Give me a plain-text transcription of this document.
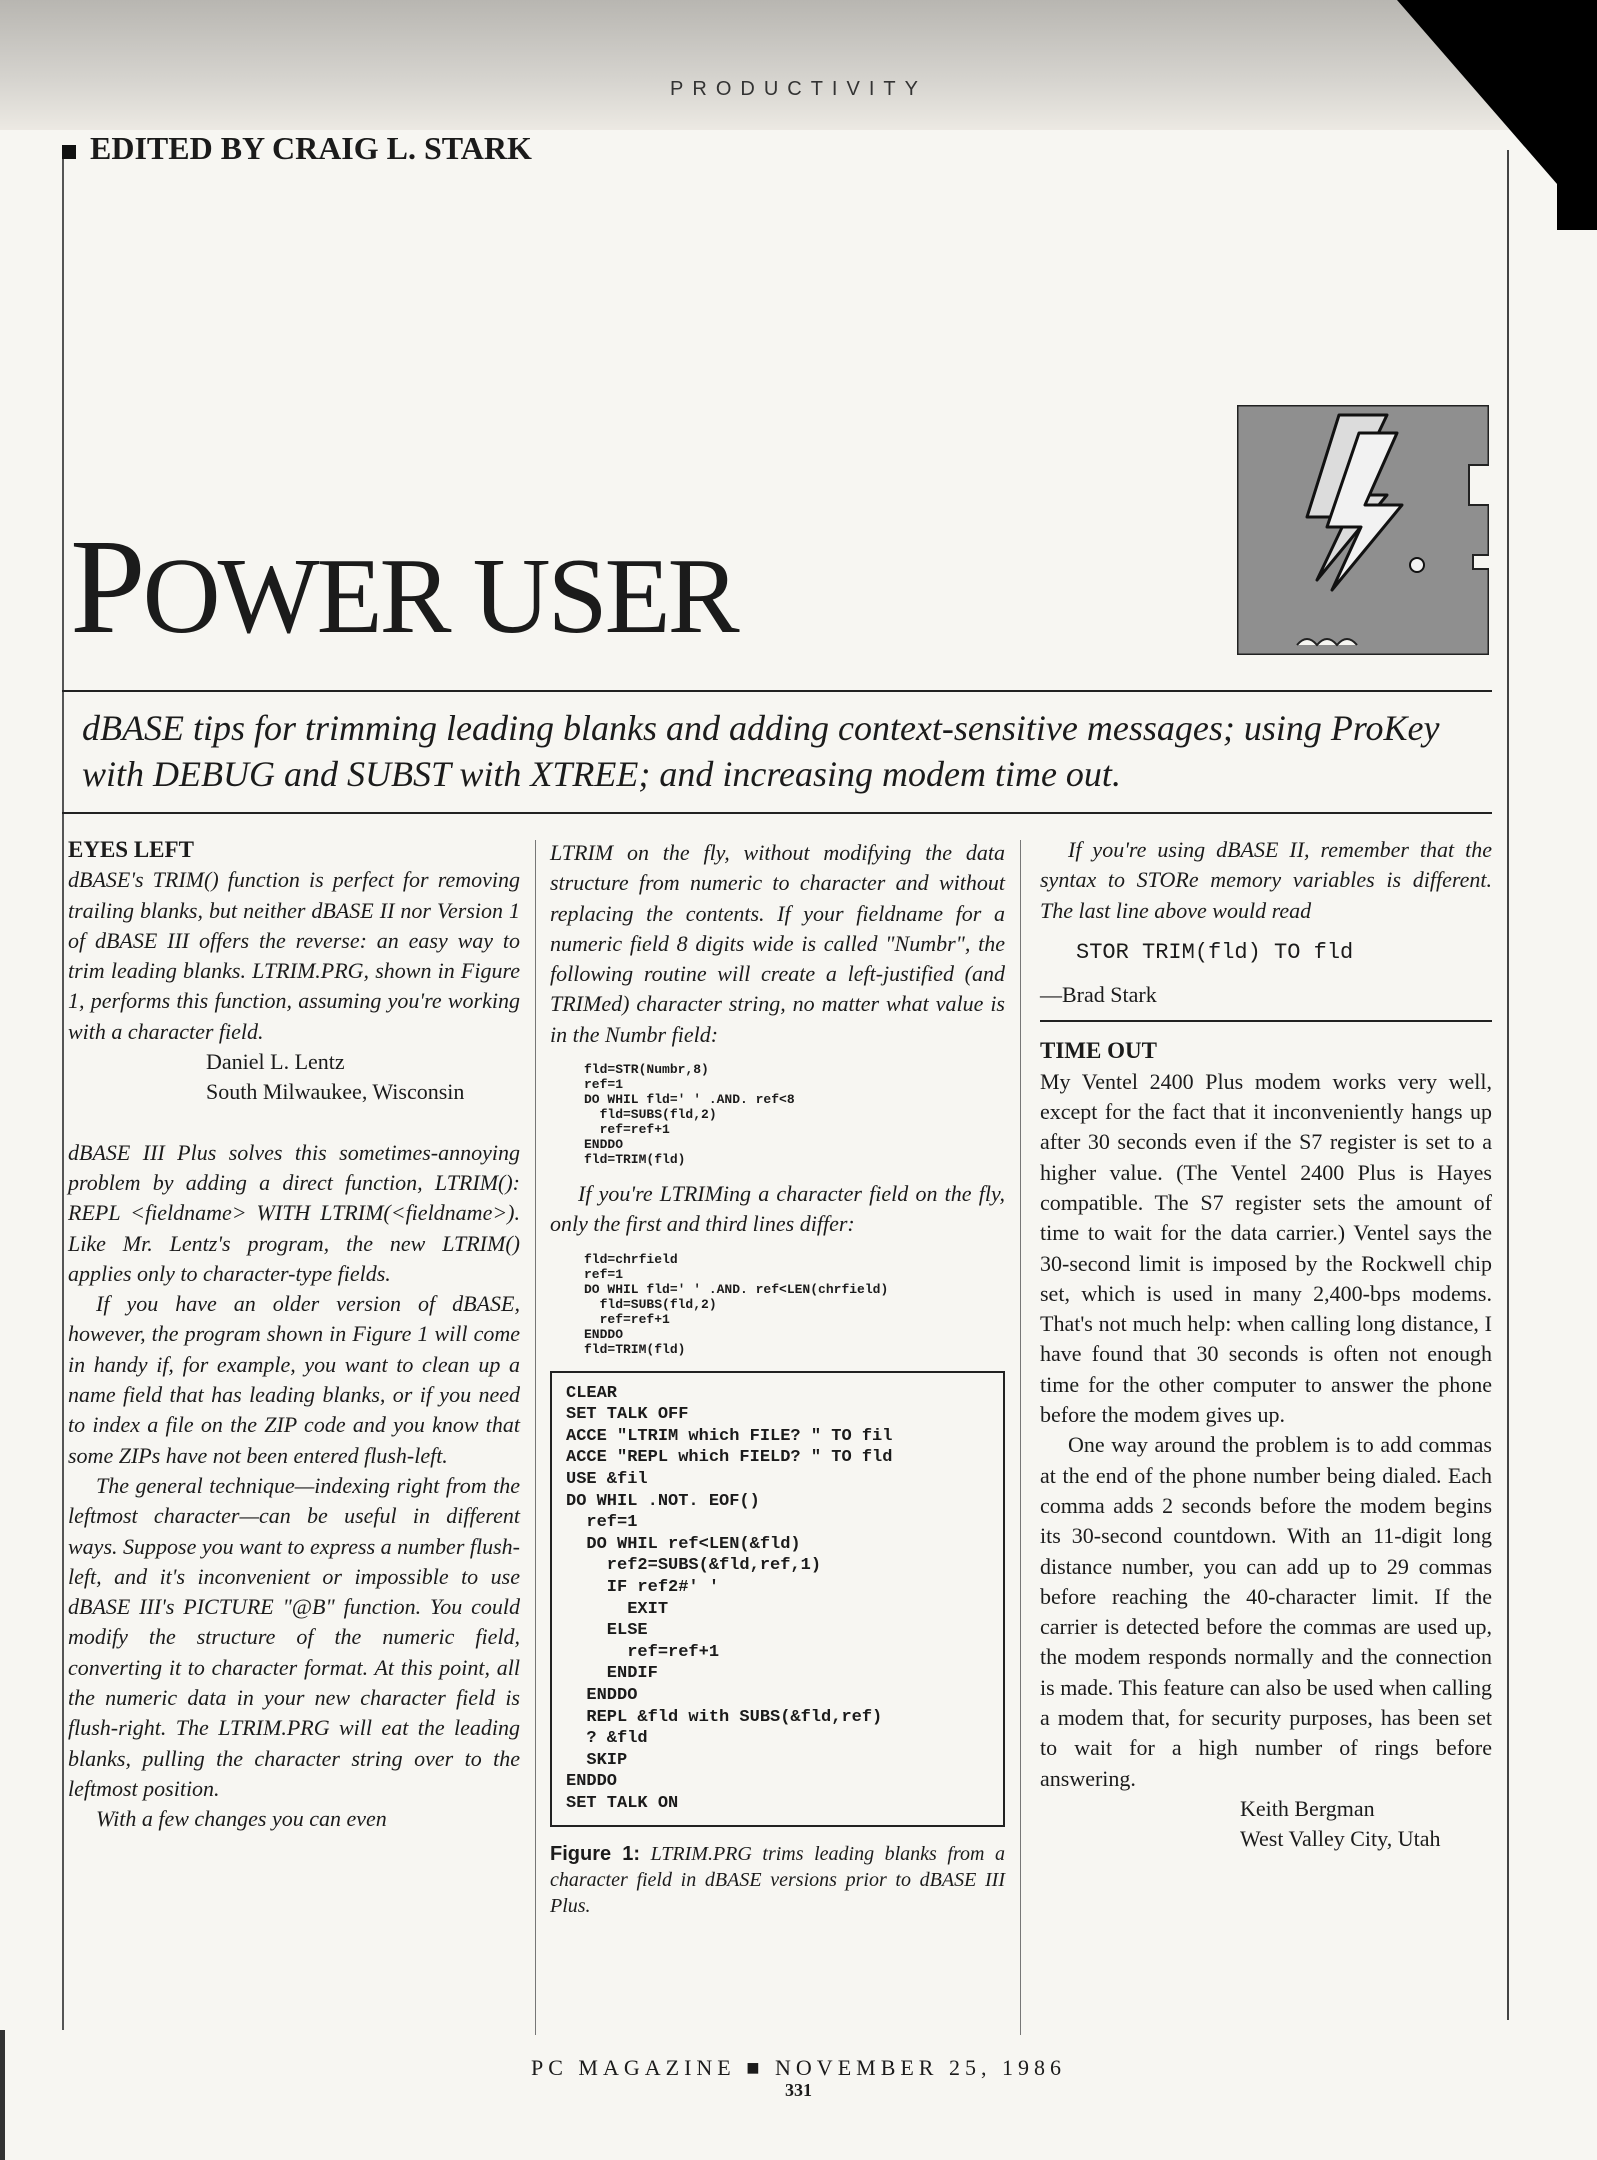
PRODUCTIVITY
EDITED BY CRAIG L. STARK
POWER USER
dBASE tips for trimming leading blanks and adding context-sensitive messages; using ProKey with DEBUG and SUBST with XTREE; and increasing modem time out.
EYES LEFT

dBASE's TRIM() function is perfect for removing trailing blanks, but neither dBASE II nor Version 1 of dBASE III offers the reverse: an easy way to trim leading blanks. LTRIM.PRG, shown in Figure 1, performs this function, assuming you're working with a character field.

Daniel L. Lentz
South Milwaukee, Wisconsin

dBASE III Plus solves this sometimes-annoying problem by adding a direct function, LTRIM(): REPL <fieldname> WITH LTRIM(<fieldname>). Like Mr. Lentz's program, the new LTRIM() applies only to character-type fields.

If you have an older version of dBASE, however, the program shown in Figure 1 will come in handy if, for example, you want to clean up a name field that has leading blanks, or if you need to index a file on the ZIP code and you know that some ZIPs have not been entered flush-left.

The general technique—indexing right from the leftmost character—can be useful in different ways. Suppose you want to express a number flush-left, and it's inconvenient or impossible to use dBASE III's PICTURE "@B" function. You could modify the structure of the numeric field, converting it to character format. At this point, all the numeric data in your new character field is flush-right. The LTRIM.PRG will eat the leading blanks, pulling the character string over to the leftmost position.

With a few changes you can even

LTRIM on the fly, without modifying the data structure from numeric to character and without replacing the contents. If your fieldname for a numeric field 8 digits wide is called "Numbr", the following routine will create a left-justified (and TRIMed) character string, no matter what value is in the Numbr field:

fld=STR(Numbr,8)
ref=1
DO WHIL fld=' ' .AND. ref<8
fld=SUBS(fld,2)
ref=ref+1
ENDDO
fld=TRIM(fld)

If you're LTRIMing a character field on the fly, only the first and third lines differ:

fld=chrfield
ref=1
DO WHIL fld=' ' .AND. ref<LEN(chrfield)
fld=SUBS(fld,2)
ref=ref+1
ENDDO
fld=TRIM(fld)
CLEAR
SET TALK OFF
ACCE "LTRIM which FILE? " TO fil
ACCE "REPL which FIELD? " TO fld
USE &fil
DO WHIL .NOT. EOF()
ref=1
DO WHIL ref<LEN(&fld)
ref2=SUBS(&fld,ref,1)
IF ref2#' '
EXIT
ELSE
ref=ref+1
ENDIF
ENDDO
REPL &fld with SUBS(&fld,ref)
? &fld
SKIP
ENDDO
SET TALK ON
Figure 1: LTRIM.PRG trims leading blanks from a character field in dBASE versions prior to dBASE III Plus.

If you're using dBASE II, remember that the syntax to STORe memory variables is different. The last line above would read

STOR TRIM(fld) TO fld
—Brad Stark
TIME OUT

My Ventel 2400 Plus modem works very well, except for the fact that it inconveniently hangs up after 30 seconds even if the S7 register is set to a higher value. (The Ventel 2400 Plus is Hayes compatible. The S7 register sets the amount of time to wait for the data carrier.) Ventel says the 30-second limit is imposed by the Rockwell chip set, which is used in many 2,400-bps modems. That's not much help: when calling long distance, I have found that 30 seconds is often not enough time for the other computer to answer the phone before the modem gives up.

One way around the problem is to add commas at the end of the phone number being dialed. Each comma adds 2 seconds before the modem begins its 30-second countdown. With an 11-digit long distance number, you can add up to 29 commas before reaching the 40-character limit. If the carrier is detected before the commas are used up, the modem responds normally and the connection is made. This feature can also be used when calling a modem that, for security purposes, has been set to wait for a high number of rings before answering.

Keith Bergman
West Valley City, Utah
PC MAGAZINE ■ NOVEMBER 25, 1986
331
